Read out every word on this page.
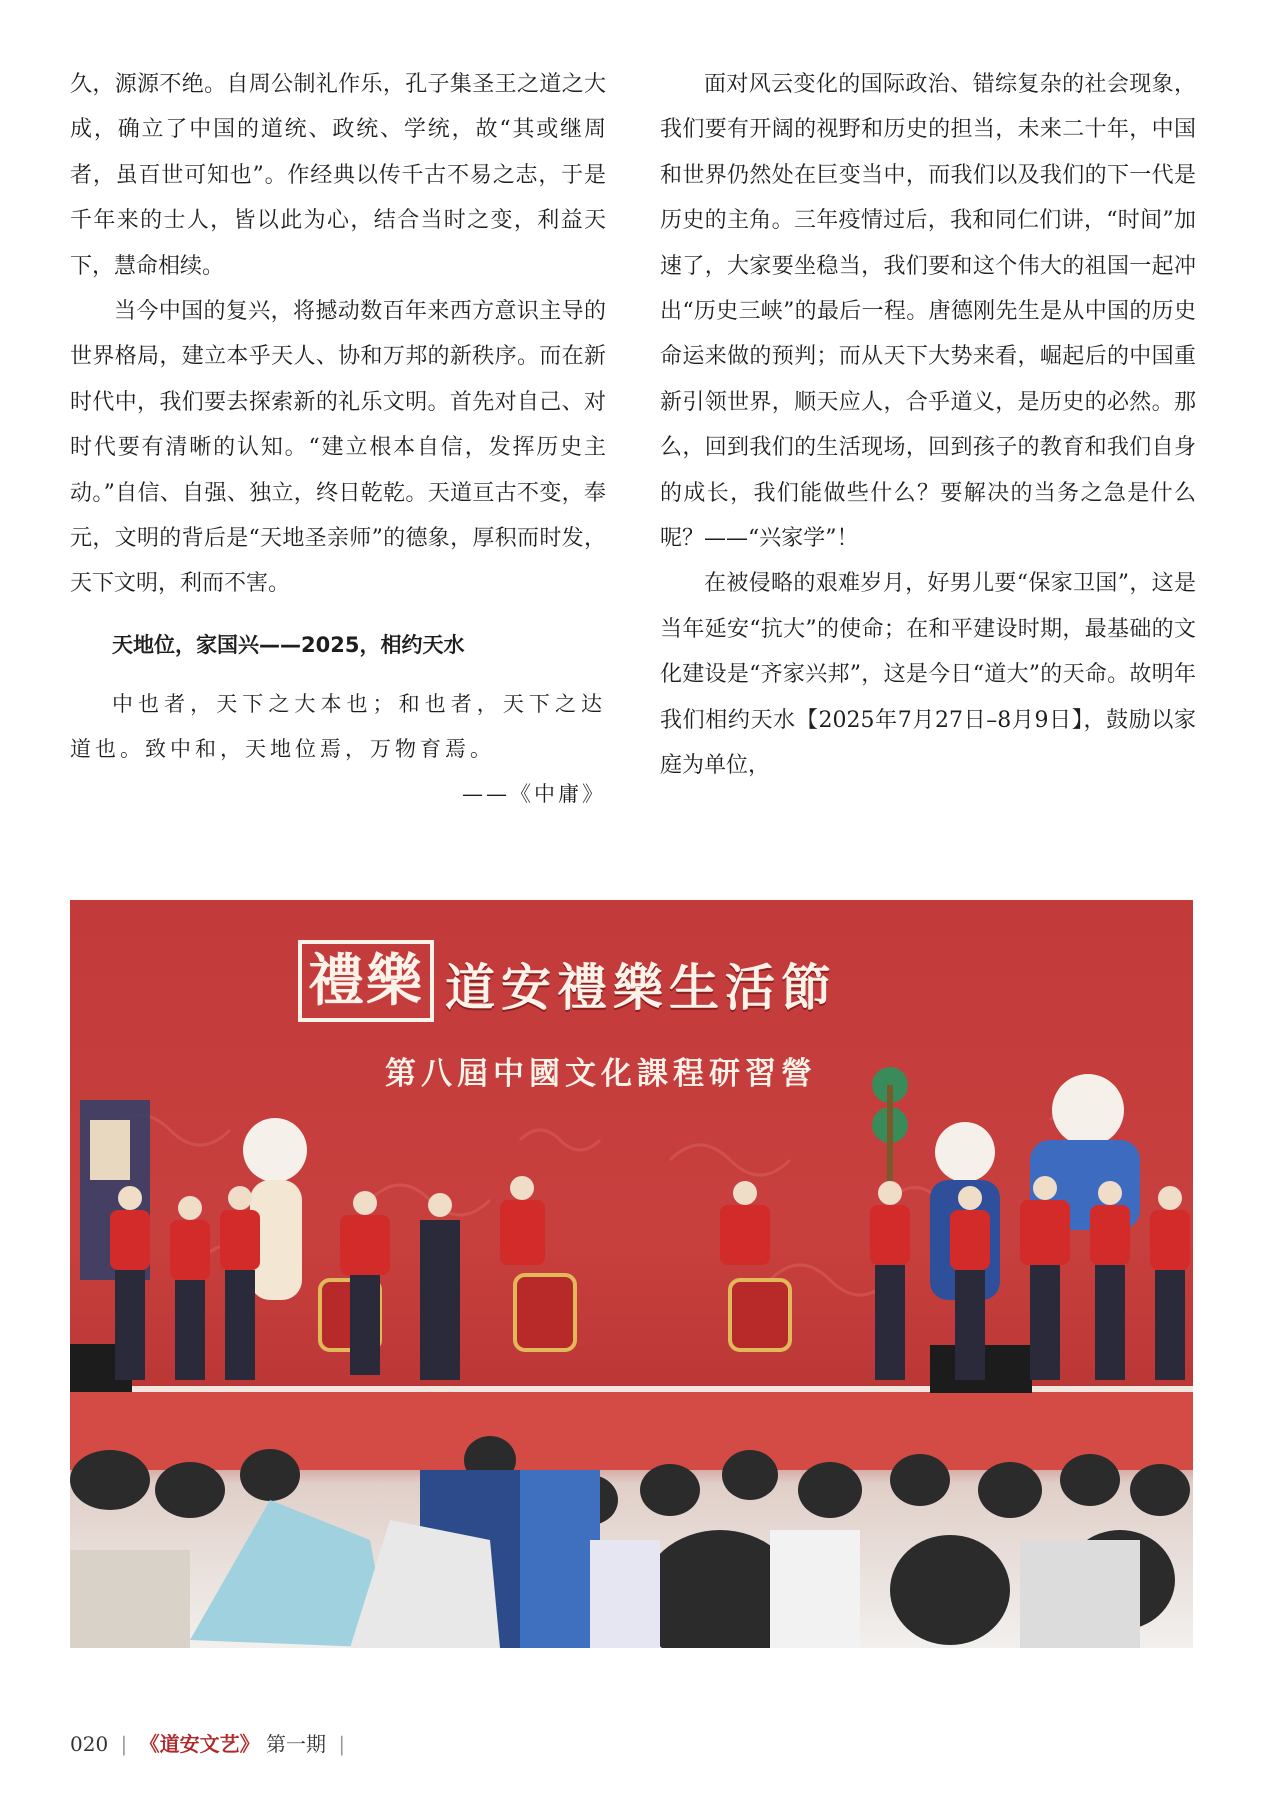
久，源源不绝。自周公制礼作乐，孔子集圣王之道之大成，确立了中国的道统、政统、学统，故“其或继周者，虽百世可知也”。作经典以传千古不易之志，于是千年来的士人，皆以此为心，结合当时之变，利益天下，慧命相续。

当今中国的复兴，将撼动数百年来西方意识主导的世界格局，建立本乎天人、协和万邦的新秩序。而在新时代中，我们要去探索新的礼乐文明。首先对自己、对时代要有清晰的认知。“建立根本自信，发挥历史主动。”自信、自强、独立，终日乾乾。天道亘古不变，奉元，文明的背后是“天地圣亲师”的德象，厚积而时发，天下文明，利而不害。

天地位，家国兴——2025，相约天水

中也者，天下之大本也；和也者，天下之达道也。致中和，天地位焉，万物育焉。

——《中庸》

面对风云变化的国际政治、错综复杂的社会现象，我们要有开阔的视野和历史的担当，未来二十年，中国和世界仍然处在巨变当中，而我们以及我们的下一代是历史的主角。三年疫情过后，我和同仁们讲，“时间”加速了，大家要坐稳当，我们要和这个伟大的祖国一起冲出“历史三峡”的最后一程。唐德刚先生是从中国的历史命运来做的预判；而从天下大势来看，崛起后的中国重新引领世界，顺天应人，合乎道义，是历史的必然。那么，回到我们的生活现场，回到孩子的教育和我们自身的成长，我们能做些什么？要解决的当务之急是什么呢？——“兴家学”！

在被侵略的艰难岁月，好男儿要“保家卫国”，这是当年延安“抗大”的使命；在和平建设时期，最基础的文化建设是“齐家兴邦”，这是今日“道大”的天命。故明年我们相约天水【2025年7月27日–8月9日】，鼓励以家庭为单位，

禮樂 道安禮樂生活節
第八屆中國文化課程研習營
020 | 《道安文艺》 第一期 |
